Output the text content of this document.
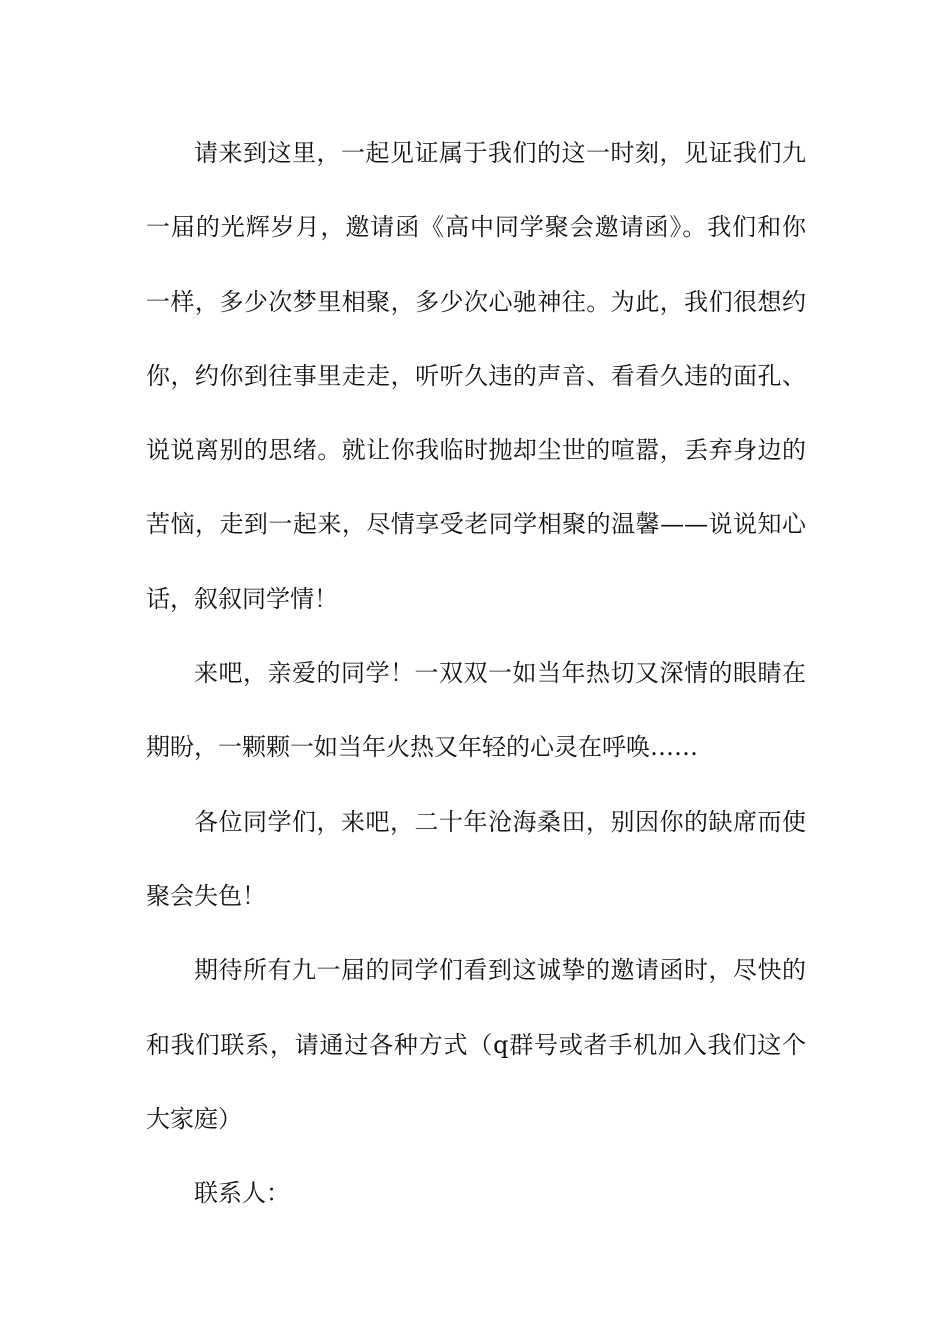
请来到这里，一起见证属于我们的这一时刻，见证我们九
一届的光辉岁月，邀请函《高中同学聚会邀请函》。我们和你
一样，多少次梦里相聚，多少次心驰神往。为此，我们很想约
你，约你到往事里走走，听听久违的声音、看看久违的面孔、
说说离别的思绪。就让你我临时抛却尘世的喧嚣，丢弃身边的
苦恼，走到一起来，尽情享受老同学相聚的温馨——说说知心
话，叙叙同学情！
来吧，亲爱的同学！一双双一如当年热切又深情的眼睛在
期盼，一颗颗一如当年火热又年轻的心灵在呼唤……
各位同学们，来吧，二十年沧海桑田，别因你的缺席而使
聚会失色！
期待所有九一届的同学们看到这诚挚的邀请函时，尽快的
和我们联系，请通过各种方式（q群号或者手机加入我们这个
大家庭）
联系人：
